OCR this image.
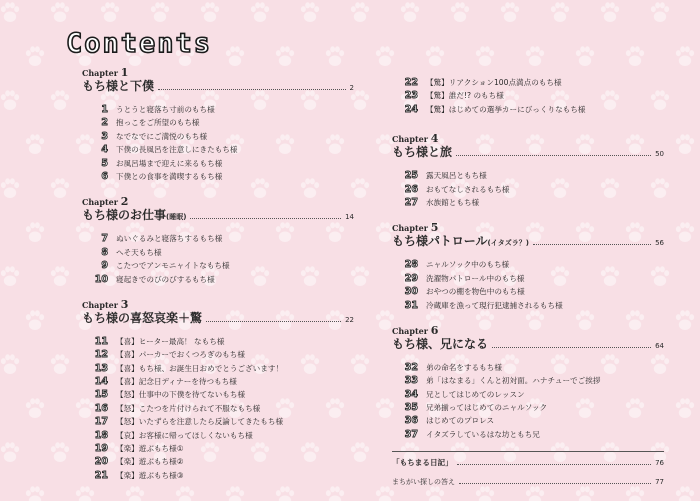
Contents
Chapter 1
もち様と下僕	2
1 うとうと寝落ち寸前のもち様
2 抱っこをご所望のもち様
3 なでなでにご満悦のもち様
4 下僕の長風呂を注意しにきたもち様
5 お風呂場まで迎えに来るもち様
6 下僕との食事を満喫するもち様
Chapter 2
もち様のお仕事 (睡眠)	14
7 ぬいぐるみと寝落ちするもち様
8 へそ天もち様
9 こたつでアンモニャイトなもち様
10 寝起きでのびのびするもち様
Chapter 3
もち様の喜怒哀楽＋驚	22
11 【喜】ヒーター最高！ なもち様
12 【喜】パーカーでおくつろぎのもち様
13 【喜】もち様、お誕生日おめでとうございます！
14 【喜】記念日ディナーを待つもち様
15 【怒】仕事中の下僕を待てないもち様
16 【怒】こたつを片付けられて不服なもち様
17 【怒】いたずらを注意したら反論してきたもち様
18 【哀】お客様に帰ってほしくないもち様
19 【楽】遊ぶもち様①
20 【楽】遊ぶもち様②
21 【楽】遊ぶもち様③
22 【驚】リアクション100点満点のもち様
23 【驚】誰だ!? のもち様
24 【驚】はじめての選挙カーにびっくりなもち様
Chapter 4
もち様と旅	50
25 露天風呂ともち様
26 おもてなしされるもち様
27 水族館ともち様
Chapter 5
もち様パトロール (イタズラ？)	56
28 ニャルソック中のもち様
29 洗濯物パトロール中のもち様
30 おやつの棚を物色中のもち様
31 冷蔵庫を漁って現行犯逮捕されるもち様
Chapter 6
もち様、兄になる	64
32 弟の命名をするもち様
33 弟「はなまる」くんと初対面。ハナチューでご挨拶
34 兄としてはじめてのレッスン
35 兄弟揃ってはじめてのニャルソック
36 はじめてのプロレス
37 イタズラしているはな坊ともち兄
「もちまる日記」	76
まちがい探しの答え	77
